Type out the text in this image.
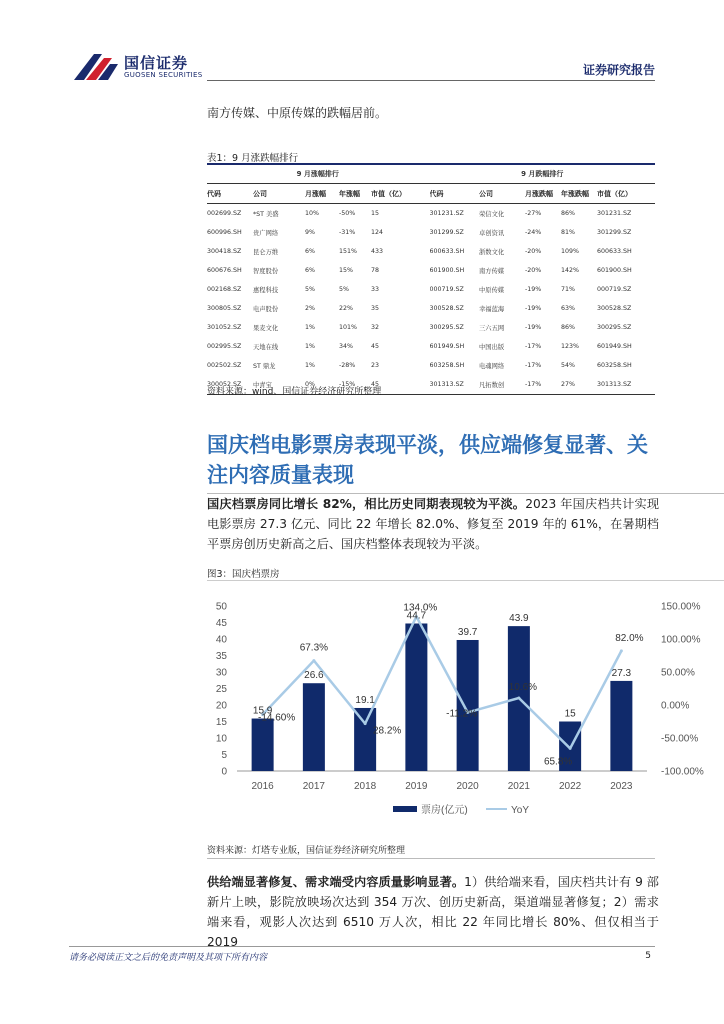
国信证券
GUOSEN SECURITIES	证券研究报告
南方传媒、中原传媒的跌幅居前。
表1：9 月涨跌幅排行
9 月涨幅排行					9 月跌幅排行				
代码	公司	月涨幅	年涨幅	市值（亿）	代码	公司	月涨跌幅	年涨跌幅	市值（亿）
002699.SZ	*ST 美盛	10%	-50%	15	301231.SZ	荣信文化	-27%	86%	301231.SZ
600996.SH	贵广网络	9%	-31%	124	301299.SZ	卓创资讯	-24%	81%	301299.SZ
300418.SZ	昆仑万维	6%	151%	433	600633.SH	浙数文化	-20%	109%	600633.SH
600676.SH	智度股份	6%	15%	78	601900.SH	南方传媒	-20%	142%	601900.SH
002168.SZ	惠程科技	5%	5%	33	000719.SZ	中原传媒	-19%	71%	000719.SZ
300805.SZ	电声股份	2%	22%	35	300528.SZ	幸福蓝海	-19%	63%	300528.SZ
301052.SZ	果麦文化	1%	101%	32	300295.SZ	三六五网	-19%	86%	300295.SZ
002995.SZ	天地在线	1%	34%	45	601949.SH	中国出版	-17%	123%	601949.SH
002502.SZ	ST 鼎龙	1%	-28%	23	603258.SH	电魂网络	-17%	54%	603258.SH
300052.SZ	中青宝	0%	-15%	45	301313.SZ	凡拓数创	-17%	27%	301313.SZ
资料来源：wind、国信证券经济研究所整理
国庆档电影票房表现平淡，供应端修复显著、关注内容质量表现
国庆档票房同比增长 82%，相比历史同期表现较为平淡。2023 年国庆档共计实现电影票房 27.3 亿元、同比 22 年增长 82.0%、修复至 2019 年的 61%，在暑期档平票房创历史新高之后、国庆档整体表现较为平淡。
图3：国庆档票房
0
5
10
15
20
25
30
35
40
45
50
-100.00%
-50.00%
0.00%
50.00%
100.00%
150.00%
15.9
26.6
19.1
44.7
39.7
43.9
15
27.3
-14.60%
67.3%
28.2%
134.0%
-11.2%
10.6%
65.8%
82.0%
2016	2017	2018	2019	2020	2021	2022	2023
票房(亿元)	YoY
资料来源：灯塔专业版，国信证券经济研究所整理
供给端显著修复、需求端受内容质量影响显著。1）供给端来看，国庆档共计有 9 部新片上映，影院放映场次达到 354 万次、创历史新高，渠道端显著修复；2）需求端来看，观影人次达到 6510 万人次，相比 22 年同比增长 80%、但仅相当于 2019
请务必阅读正文之后的免责声明及其项下所有内容	5
